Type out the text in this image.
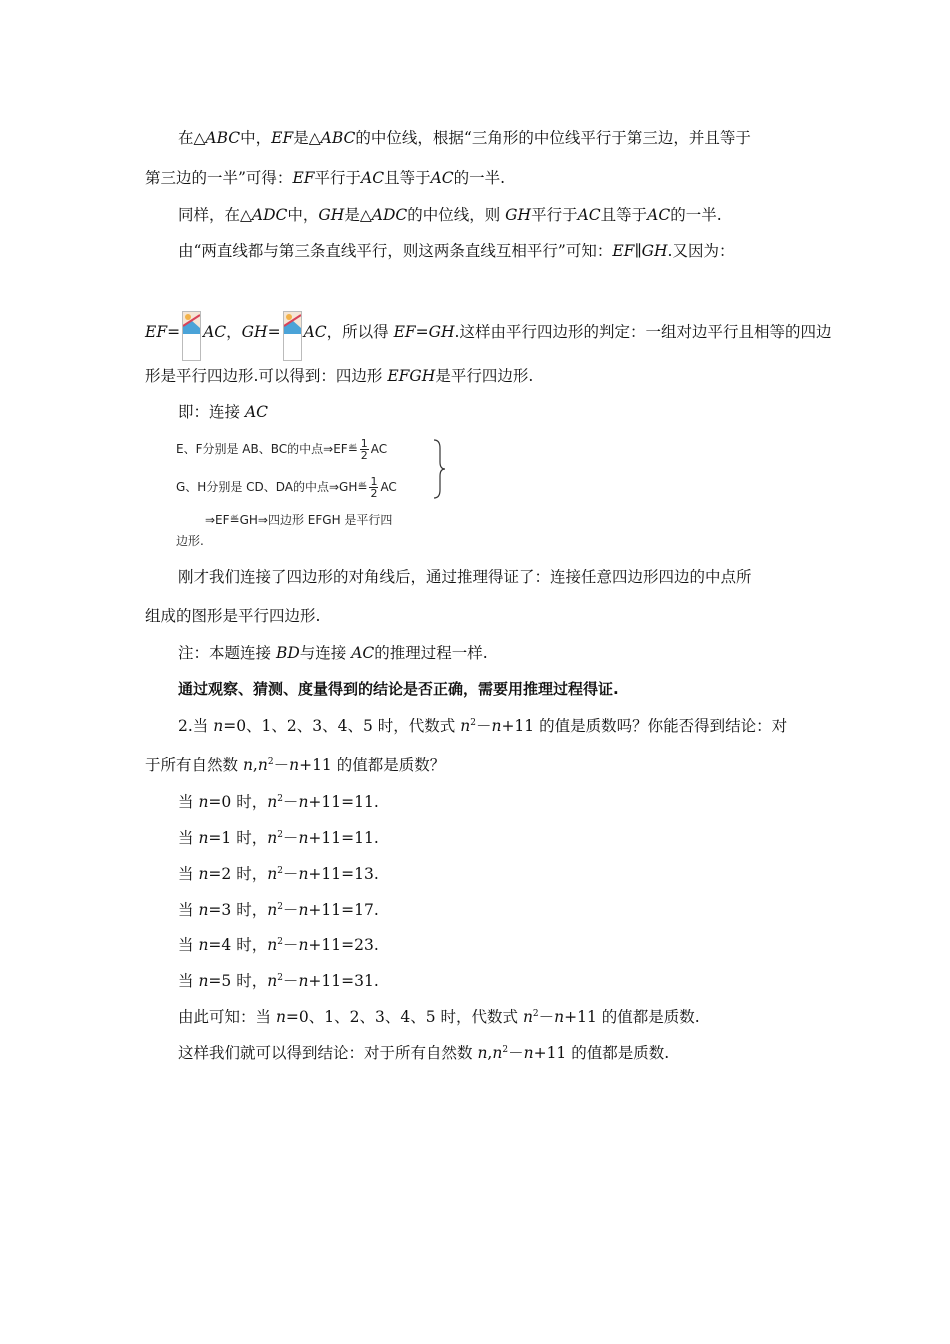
在△ABC中，EF是△ABC的中位线，根据“三角形的中位线平行于第三边，并且等于
第三边的一半”可得：EF平行于AC且等于AC的一半.
同样，在△ADC中，GH是△ADC的中位线，则 GH平行于AC且等于AC的一半.
由“两直线都与第三条直线平行，则这两条直线互相平行”可知：EF∥GH.又因为：
EF= AC，GH= AC，所以得 EF=GH.这样由平行四边形的判定：一组对边平行且相等的四边
形是平行四边形.可以得到：四边形 EFGH是平行四边形.
即：连接 AC
E、F分别是 AB、BC的中点⇒EF≝ $\frac{1}{2}$ AC
G、H分别是 CD、DA的中点⇒GH≝ $\frac{1}{2}$ AC
⇒EF≝GH⇒四边形 EFGH 是平行四
边形.
刚才我们连接了四边形的对角线后，通过推理得证了：连接任意四边形四边的中点所
组成的图形是平行四边形.
注：本题连接 BD与连接 AC的推理过程一样.
通过观察、猜测、度量得到的结论是否正确，需要用推理过程得证.
2.当 n=0、1、2、3、4、5 时，代数式 $n^2-n+11$ 的值是质数吗？你能否得到结论：对
于所有自然数 $n,n^2-n+11$ 的值都是质数？
当 n=0 时，$n^2-n+11=11$.
当 n=1 时，$n^2-n+11=11$.
当 n=2 时，$n^2-n+11=13$.
当 n=3 时，$n^2-n+11=17$.
当 n=4 时，$n^2-n+11=23$.
当 n=5 时，$n^2-n+11=31$.
由此可知：当 n=0、1、2、3、4、5 时，代数式 $n^2-n+11$ 的值都是质数.
这样我们就可以得到结论：对于所有自然数 $n,n^2-n+11$ 的值都是质数.
